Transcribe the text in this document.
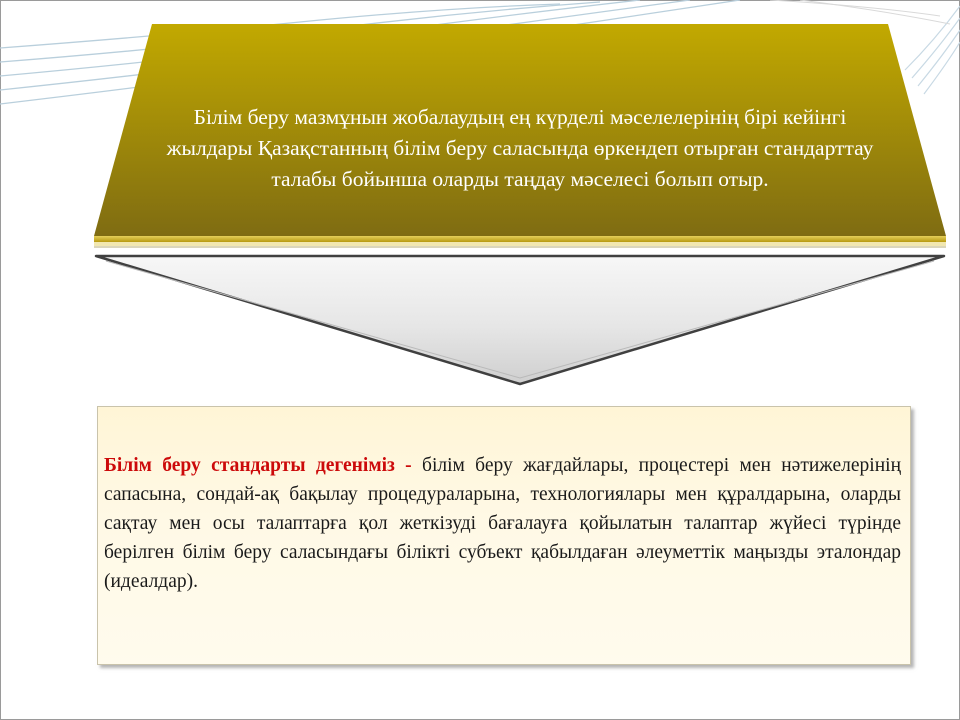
Білім беру мазмұнын жобалаудың ең күрделі мәселелерінің бірі кейінгі жылдары Қазақстанның білім беру саласында өркендеп отырған стандарттау талабы бойынша оларды таңдау мәселесі болып отыр.

Білім беру стандарты дегеніміз - білім беру жағдайлары, процестері мен нәтижелерінің сапасына, сондай-ақ бақылау процедураларына, технологиялары мен құралдарына, оларды сақтау мен осы талаптарға қол жеткізуді бағалауға қойылатын талаптар жүйесі түрінде берілген білім беру саласындағы білікті субъект қабылдаған әлеуметтік маңызды эталондар (идеалдар).
